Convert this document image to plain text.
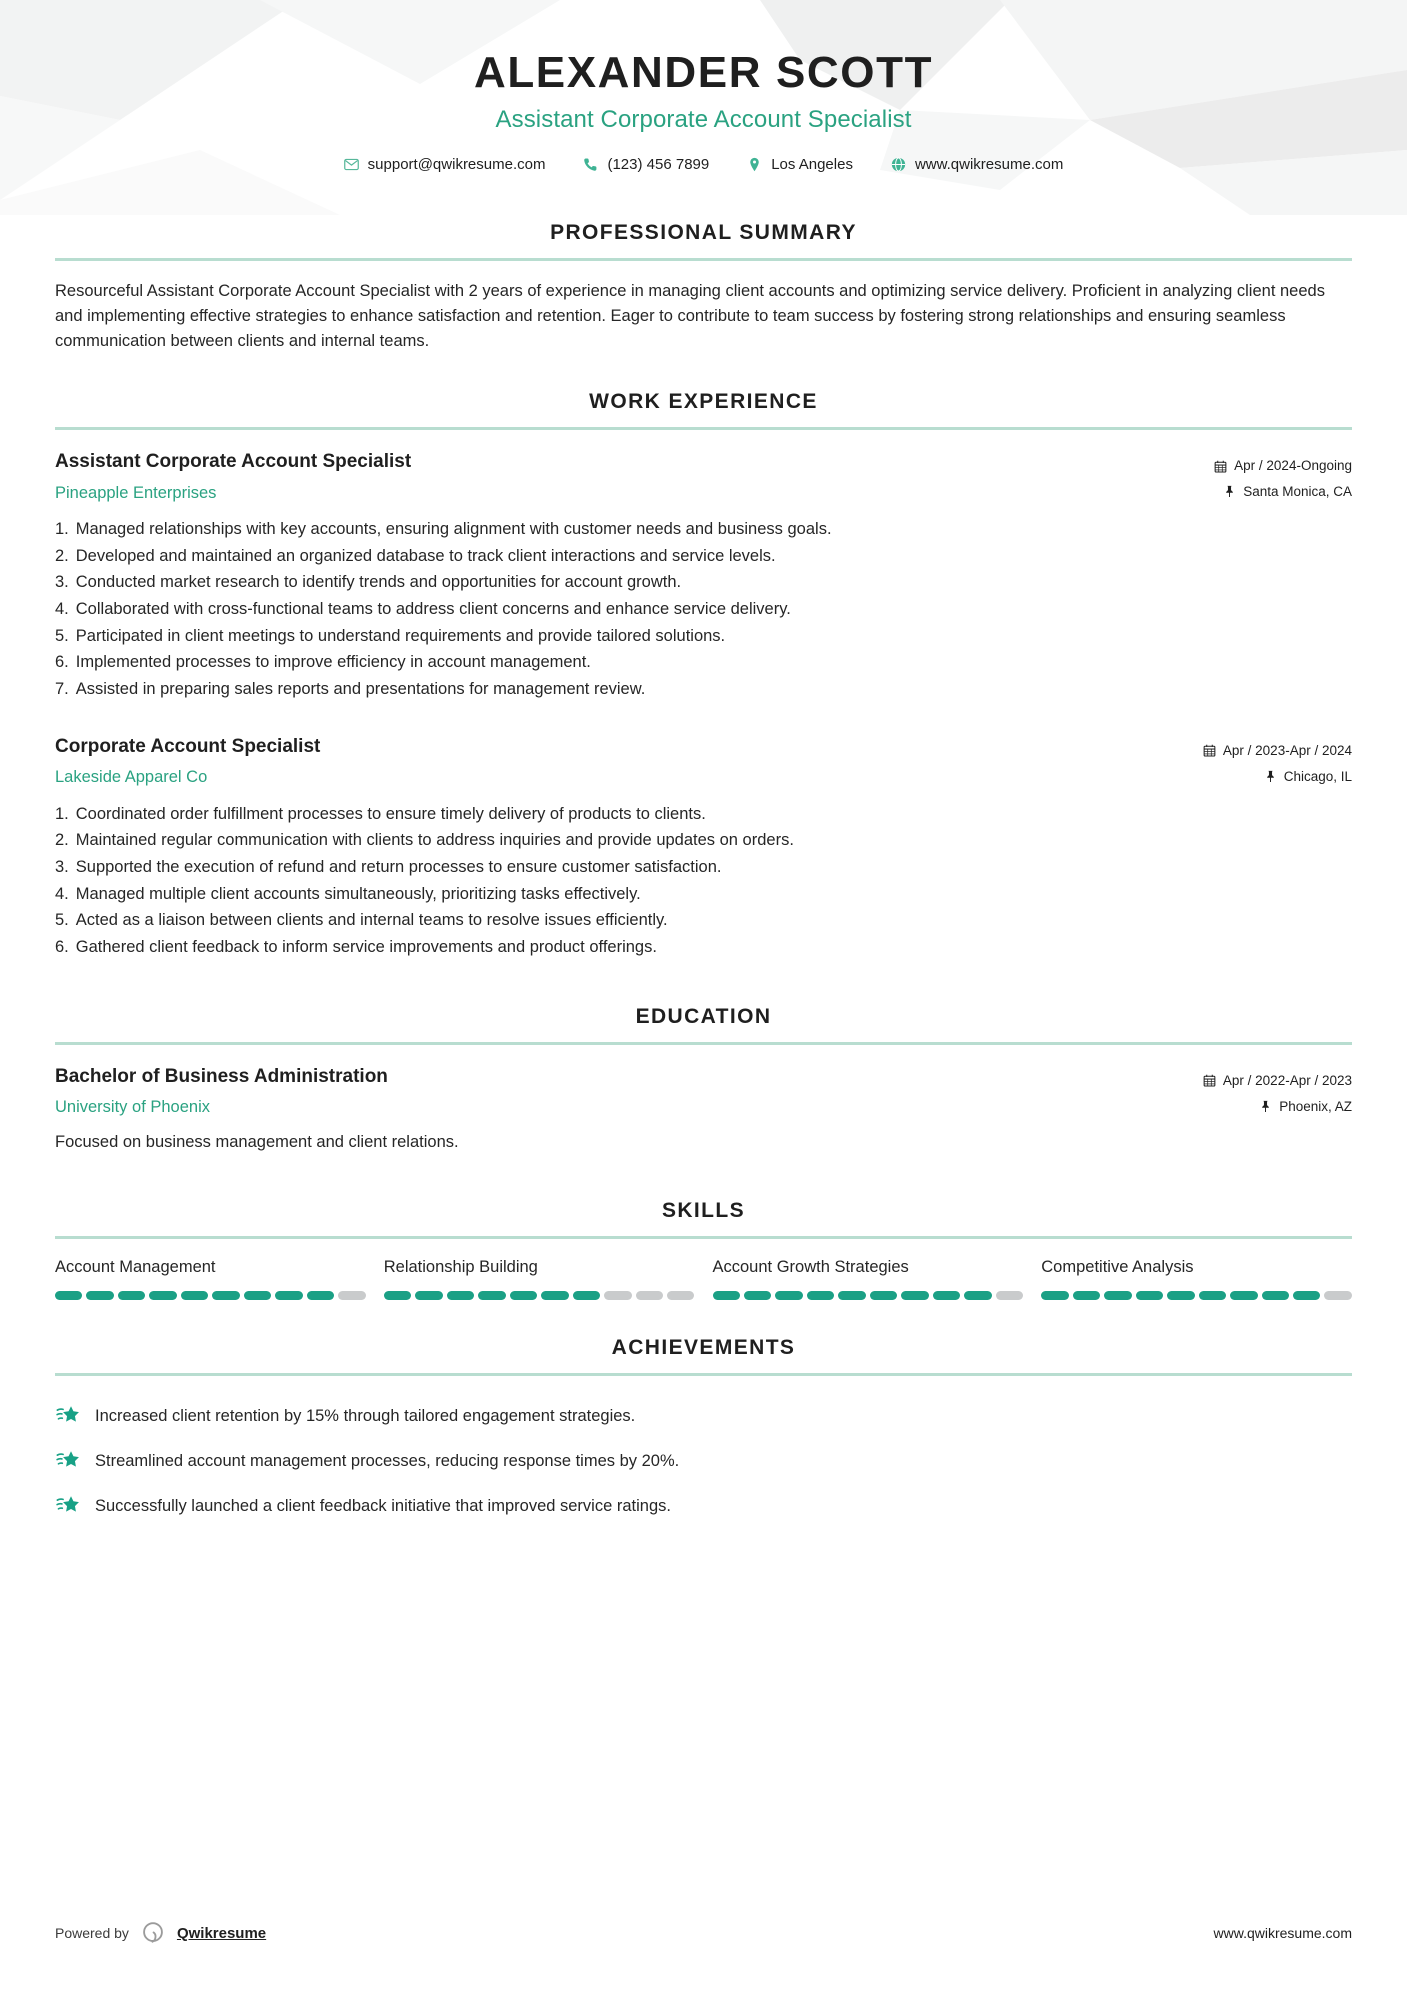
ALEXANDER SCOTT
Assistant Corporate Account Specialist
support@qwikresume.com	(123) 456 7899	Los Angeles	www.qwikresume.com
PROFESSIONAL SUMMARY
Resourceful Assistant Corporate Account Specialist with 2 years of experience in managing client accounts and optimizing service delivery. Proficient in analyzing client needs and implementing effective strategies to enhance satisfaction and retention. Eager to contribute to team success by fostering strong relationships and ensuring seamless communication between clients and internal teams.
WORK EXPERIENCE
Assistant Corporate Account Specialist
Pineapple Enterprises
Apr / 2024-Ongoing
Santa Monica, CA
1. Managed relationships with key accounts, ensuring alignment with customer needs and business goals.
2. Developed and maintained an organized database to track client interactions and service levels.
3. Conducted market research to identify trends and opportunities for account growth.
4. Collaborated with cross-functional teams to address client concerns and enhance service delivery.
5. Participated in client meetings to understand requirements and provide tailored solutions.
6. Implemented processes to improve efficiency in account management.
7. Assisted in preparing sales reports and presentations for management review.
Corporate Account Specialist
Lakeside Apparel Co
Apr / 2023-Apr / 2024
Chicago, IL
1. Coordinated order fulfillment processes to ensure timely delivery of products to clients.
2. Maintained regular communication with clients to address inquiries and provide updates on orders.
3. Supported the execution of refund and return processes to ensure customer satisfaction.
4. Managed multiple client accounts simultaneously, prioritizing tasks effectively.
5. Acted as a liaison between clients and internal teams to resolve issues efficiently.
6. Gathered client feedback to inform service improvements and product offerings.
EDUCATION
Bachelor of Business Administration
University of Phoenix
Apr / 2022-Apr / 2023
Phoenix, AZ
Focused on business management and client relations.
SKILLS
Account Management	Relationship Building	Account Growth Strategies	Competitive Analysis
ACHIEVEMENTS
Increased client retention by 15% through tailored engagement strategies.
Streamlined account management processes, reducing response times by 20%.
Successfully launched a client feedback initiative that improved service ratings.
Powered by	Qwikresume	www.qwikresume.com
